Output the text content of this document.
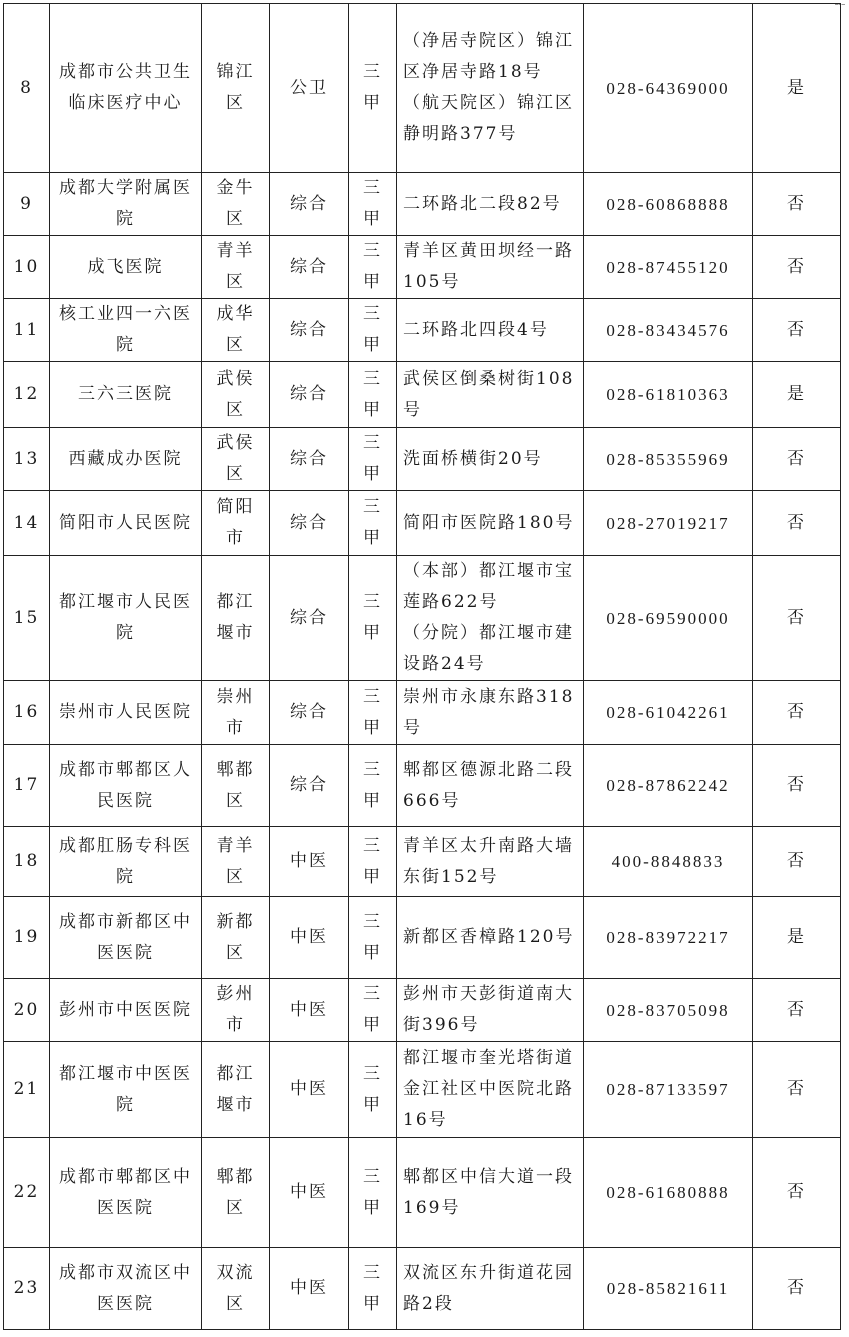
8	成都市公共卫生临床医疗中心	锦江区	公卫	三甲	（净居寺院区）锦江区净居寺路18号
（航天院区）锦江区静明路377号	028-64369000	是
9	成都大学附属医院	金牛区	综合	三甲	二环路北二段82号	028-60868888	否
10	成飞医院	青羊区	综合	三甲	青羊区黄田坝经一路105号	028-87455120	否
11	核工业四一六医院	成华区	综合	三甲	二环路北四段4号	028-83434576	否
12	三六三医院	武侯区	综合	三甲	武侯区倒桑树街108号	028-61810363	是
13	西藏成办医院	武侯区	综合	三甲	洗面桥横街20号	028-85355969	否
14	简阳市人民医院	简阳市	综合	三甲	简阳市医院路180号	028-27019217	否
15	都江堰市人民医院	都江堰市	综合	三甲	（本部）都江堰市宝莲路622号
（分院）都江堰市建设路24号	028-69590000	否
16	崇州市人民医院	崇州市	综合	三甲	崇州市永康东路318号	028-61042261	否
17	成都市郫都区人民医院	郫都区	综合	三甲	郫都区德源北路二段666号	028-87862242	否
18	成都肛肠专科医院	青羊区	中医	三甲	青羊区太升南路大墙东街152号	400-8848833	否
19	成都市新都区中医医院	新都区	中医	三甲	新都区香樟路120号	028-83972217	是
20	彭州市中医医院	彭州市	中医	三甲	彭州市天彭街道南大街396号	028-83705098	否
21	都江堰市中医医院	都江堰市	中医	三甲	都江堰市奎光塔街道金江社区中医院北路16号	028-87133597	否
22	成都市郫都区中医医院	郫都区	中医	三甲	郫都区中信大道一段169号	028-61680888	否
23	成都市双流区中医医院	双流区	中医	三甲	双流区东升街道花园路2段	028-85821611	否
